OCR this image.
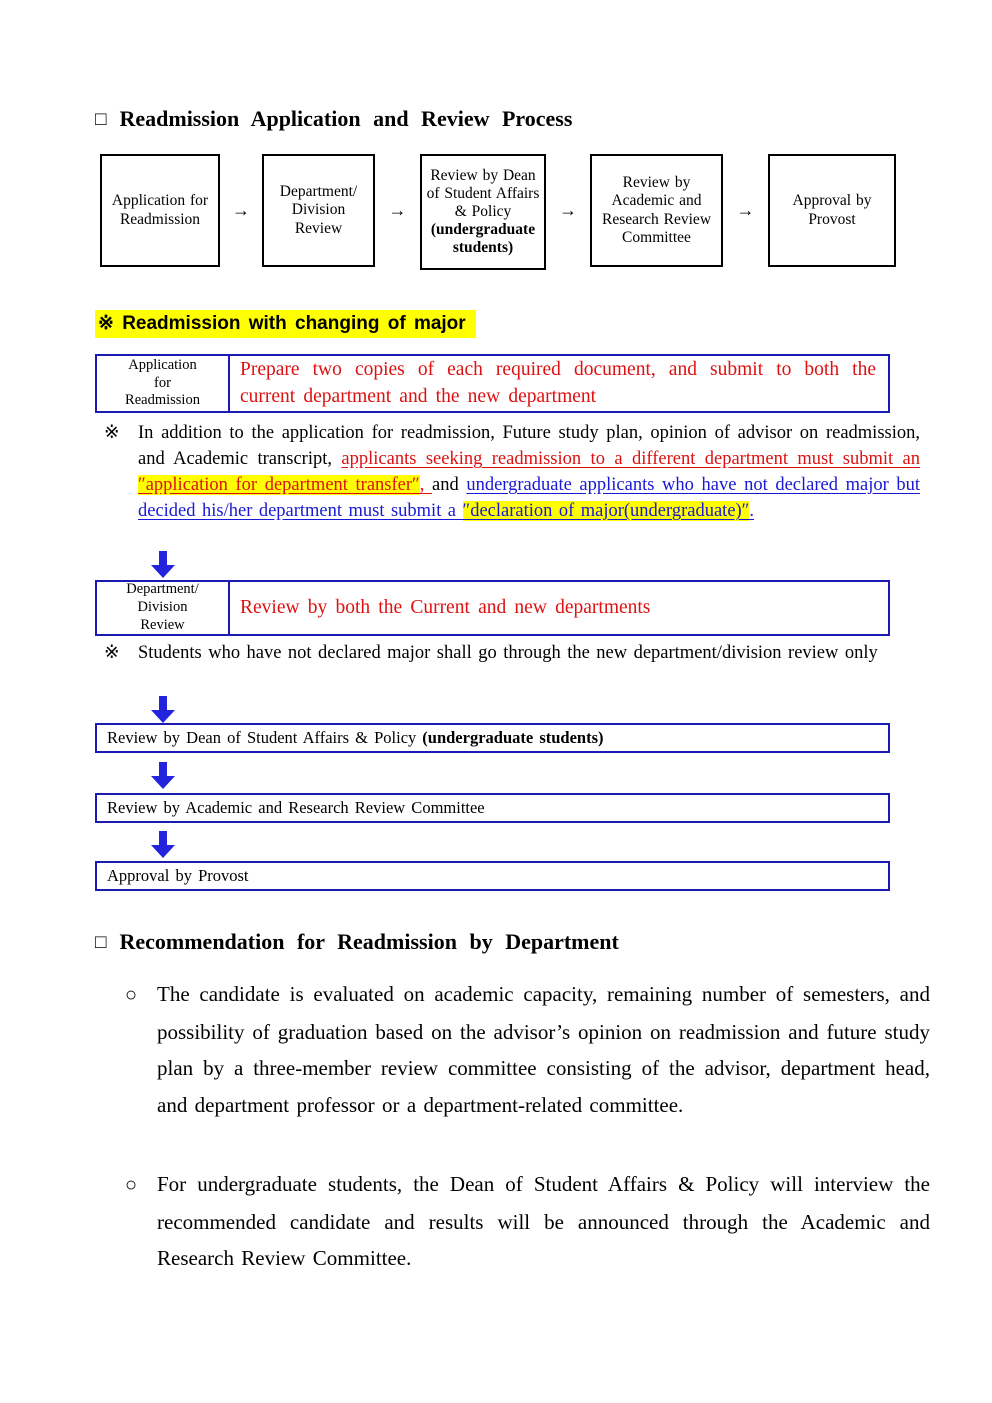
□ Readmission Application and Review Process
Application for Readmission	→
Department/ Division Review
→
Review by Dean of Student Affairs & Policy (undergraduate students)
→
Review by Academic and Research Review Committee
→	Approval by Provost
※ Readmission with changing of major
Application
for
Readmission
Prepare two copies of each required document, and submit to both the current department and the new department
※ In addition to the application for readmission, Future study plan, opinion of advisor on readmission, and Academic transcript, applicants seeking readmission to a different department must submit an ″application for department transfer″, and undergraduate applicants who have not declared major but decided his/her department must submit a ″declaration of major(undergraduate)″.
Department/
Division
Review
Review by both the Current and new departments
※ Students who have not declared major shall go through the new department/division review only
Review by Dean of Student Affairs & Policy (undergraduate students)
Review by Academic and Research Review Committee
Approval by Provost
□ Recommendation for Readmission by Department
○ The candidate is evaluated on academic capacity, remaining number of semesters, and possibility of graduation based on the advisor’s opinion on readmission and future study plan by a three-member review committee consisting of the advisor, department head, and department professor or a department-related committee.
○ For undergraduate students, the Dean of Student Affairs & Policy will interview the recommended candidate and results will be announced through the Academic and Research Review Committee.
